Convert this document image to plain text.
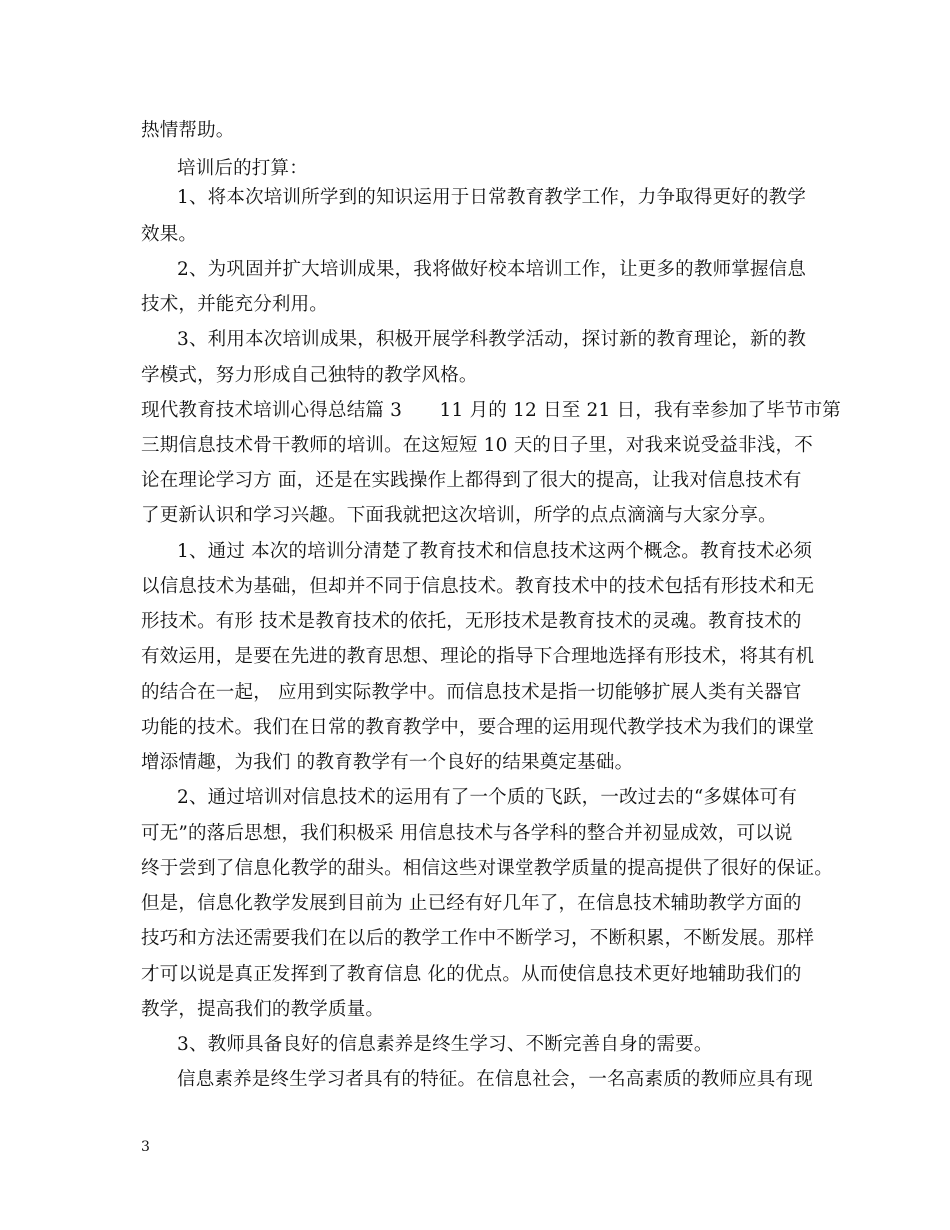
热情帮助。
培训后的打算：
1、将本次培训所学到的知识运用于日常教育教学工作，力争取得更好的教学
效果。
2、为巩固并扩大培训成果，我将做好校本培训工作，让更多的教师掌握信息
技术，并能充分利用。
3、利用本次培训成果，积极开展学科教学活动，探讨新的教育理论，新的教
学模式，努力形成自己独特的教学风格。
现代教育技术培训心得总结篇 3　　11 月的 12 日至 21 日，我有幸参加了毕节市第
三期信息技术骨干教师的培训。在这短短 10 天的日子里，对我来说受益非浅，不
论在理论学习方 面，还是在实践操作上都得到了很大的提高，让我对信息技术有
了更新认识和学习兴趣。下面我就把这次培训，所学的点点滴滴与大家分享。
1、通过 本次的培训分清楚了教育技术和信息技术这两个概念。教育技术必须
以信息技术为基础，但却并不同于信息技术。教育技术中的技术包括有形技术和无
形技术。有形 技术是教育技术的依托，无形技术是教育技术的灵魂。教育技术的
有效运用，是要在先进的教育思想、理论的指导下合理地选择有形技术，将其有机
的结合在一起， 应用到实际教学中。而信息技术是指一切能够扩展人类有关器官
功能的技术。我们在日常的教育教学中，要合理的运用现代教学技术为我们的课堂
增添情趣，为我们 的教育教学有一个良好的结果奠定基础。
2、通过培训对信息技术的运用有了一个质的飞跃，一改过去的“多媒体可有
可无”的落后思想，我们积极采 用信息技术与各学科的整合并初显成效，可以说
终于尝到了信息化教学的甜头。相信这些对课堂教学质量的提高提供了很好的保证。
但是，信息化教学发展到目前为 止已经有好几年了，在信息技术辅助教学方面的
技巧和方法还需要我们在以后的教学工作中不断学习，不断积累，不断发展。那样
才可以说是真正发挥到了教育信息 化的优点。从而使信息技术更好地辅助我们的
教学，提高我们的教学质量。
3、教师具备良好的信息素养是终生学习、不断完善自身的需要。
信息素养是终生学习者具有的特征。在信息社会，一名高素质的教师应具有现
3
